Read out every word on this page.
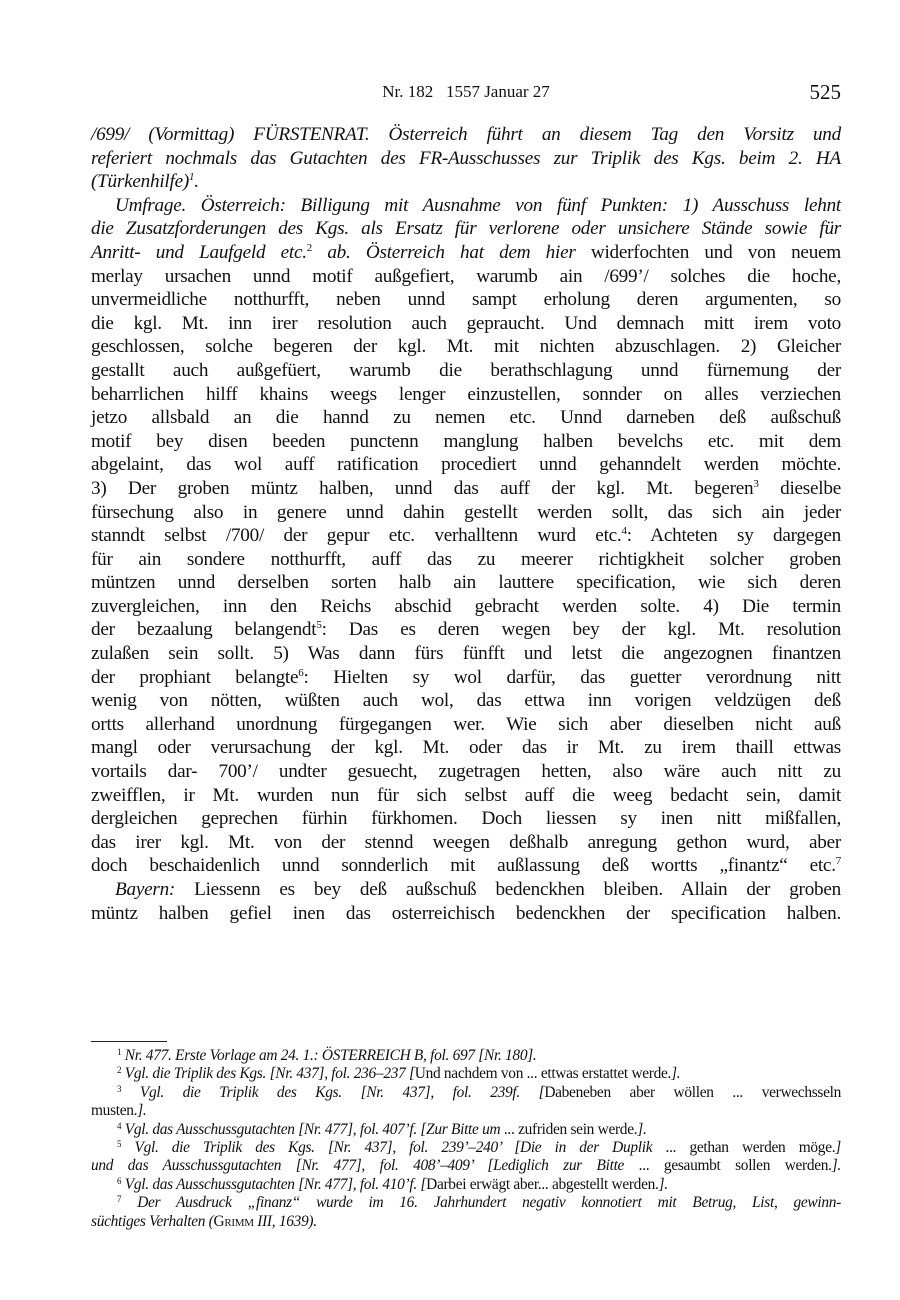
Nr. 182   1557 Januar 27	525
/699/ (Vormittag) FÜRSTENRAT. Österreich führt an diesem Tag den Vorsitz und
referiert nochmals das Gutachten des FR-Ausschusses zur Triplik des Kgs. beim 2. HA
(Türkenhilfe)$^1$.
Umfrage. Österreich: Billigung mit Ausnahme von fünf Punkten: 1) Ausschuss lehnt
die Zusatzforderungen des Kgs. als Ersatz für verlorene oder unsichere Stände sowie für
Anritt- und Laufgeld etc.$^2$ ab. Österreich hat dem hier widerfochten und von neuem
merlay ursachen unnd motif außgefiert, warumb ain /699’/ solches die hoche,
unvermeidliche notthurfft, neben unnd sampt erholung deren argumenten, so
die kgl. Mt. inn irer resolution auch gepraucht. Und demnach mitt irem voto
geschlossen, solche begeren der kgl. Mt. mit nichten abzuschlagen. 2) Gleicher
gestallt auch außgefüert, warumb die berathschlagung unnd fürnemung der
beharrlichen hilff khains weegs lenger einzustellen, sonnder on alles verziechen
jetzo allsbald an die hannd zu nemen etc. Unnd darneben deß außschuß
motif bey disen beeden punctenn manglung halben bevelchs etc. mit dem
abgelaint, das wol auff ratification procediert unnd gehanndelt werden möchte.
3) Der groben müntz halben, unnd das auff der kgl. Mt. begeren$^3$ dieselbe
fürsechung also in genere unnd dahin gestellt werden sollt, das sich ain jeder
stanndt selbst /700/ der gepur etc. verhalltenn wurd etc.$^4$: Achteten sy dargegen
für ain sondere notthurfft, auff das zu meerer richtigkheit solcher groben
müntzen unnd derselben sorten halb ain lauttere specification, wie sich deren
zuvergleichen, inn den Reichs abschid gebracht werden solte. 4) Die termin
der bezaalung belangendt$^5$: Das es deren wegen bey der kgl. Mt. resolution
zulaßen sein sollt. 5) Was dann fürs fünfft und letst die angezognen finantzen
der prophiant belangte$^6$: Hielten sy wol darfür, das guetter verordnung nitt
wenig von nötten, wüßten auch wol, das ettwa inn vorigen veldzügen deß
ortts allerhand unordnung fürgegangen wer. Wie sich aber dieselben nicht auß
mangl oder verursachung der kgl. Mt. oder das ir Mt. zu irem thaill ettwas
vortails dar- 700’/ undter gesuecht, zugetragen hetten, also wäre auch nitt zu
zweifflen, ir Mt. wurden nun für sich selbst auff die weeg bedacht sein, damit
dergleichen geprechen fürhin fürkhomen. Doch liessen sy inen nitt mißfallen,
das irer kgl. Mt. von der stennd weegen deßhalb anregung gethon wurd, aber
doch beschaidenlich unnd sonnderlich mit außlassung deß wortts „finantz“ etc.$^7$
Bayern: Liessenn es bey deß außschuß bedenckhen bleiben. Allain der groben
müntz halben gefiel inen das osterreichisch bedenckhen der specification halben.
$^1$ Nr. 477. Erste Vorlage am 24. 1.: ÖSTERREICH B, fol. 697 [Nr. 180].
$^2$ Vgl. die Triplik des Kgs. [Nr. 437], fol. 236–237 [Und nachdem von ... ettwas erstattet werde.].
$^3$ Vgl. die Triplik des Kgs. [Nr. 437], fol. 239f. [Dabeneben aber wöllen ... verwechsseln
musten.].
$^4$ Vgl. das Ausschussgutachten [Nr. 477], fol. 407’f. [Zur Bitte um ... zufriden sein werde.].
$^5$ Vgl. die Triplik des Kgs. [Nr. 437], fol. 239’–240’ [Die in der Duplik ... gethan werden möge.]
und das Ausschussgutachten [Nr. 477], fol. 408’–409’ [Lediglich zur Bitte ... gesaumbt sollen werden.].
$^6$ Vgl. das Ausschussgutachten [Nr. 477], fol. 410’f. [Darbei erwägt aber... abgestellt werden.].
$^7$ Der Ausdruck „finanz“ wurde im 16. Jahrhundert negativ konnotiert mit Betrug, List, gewinn-
süchtiges Verhalten (Grimm III, 1639).
